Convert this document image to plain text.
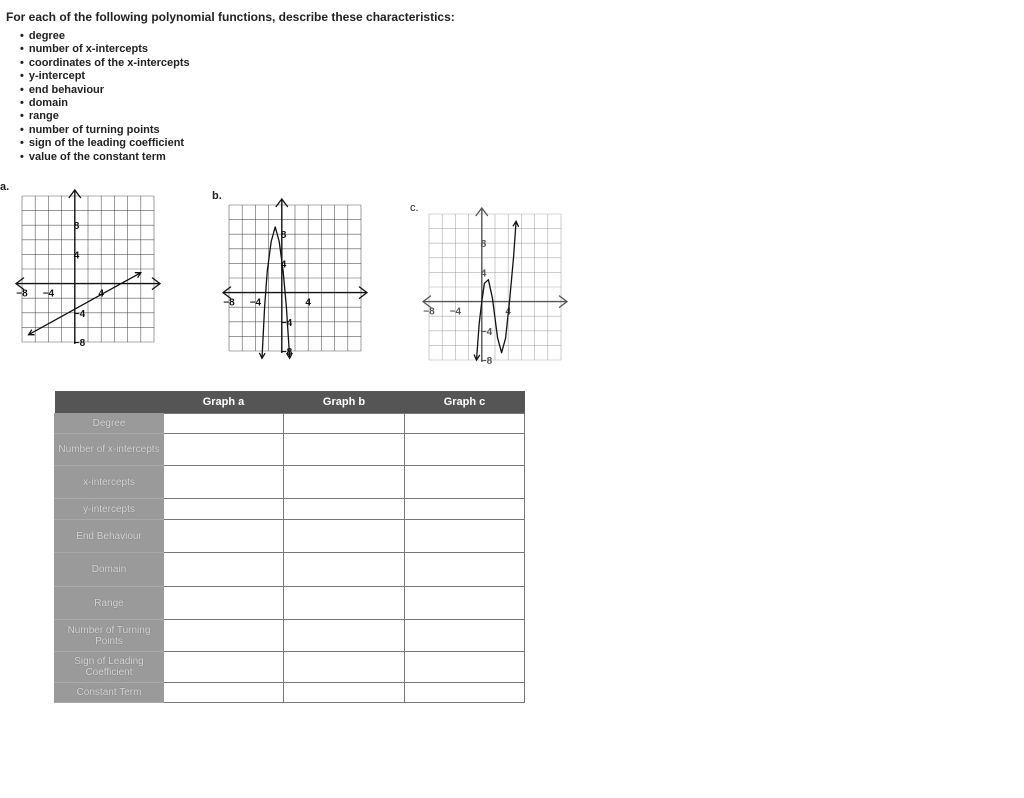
For each of the following polynomial functions, describe these characteristics:
• degree
• number of x-intercepts
• coordinates of the x-intercepts
• y-intercept
• end behaviour
• domain
• range
• number of turning points
• sign of the leading coefficient
• value of the constant term
a.
b.
c.
−8 −4	4
8
4
−4
−8
−8 −4	4
8
4
−4
−8
−8 −4	4
8
4
−4
−8
	Graph a	Graph b	Graph c
Degree			
Number of x-intercepts			
x-intercepts			
y-intercepts			
End Behaviour			
Domain			
Range			
Number of Turning Points			
Sign of Leading Coefficient			
Constant Term			
